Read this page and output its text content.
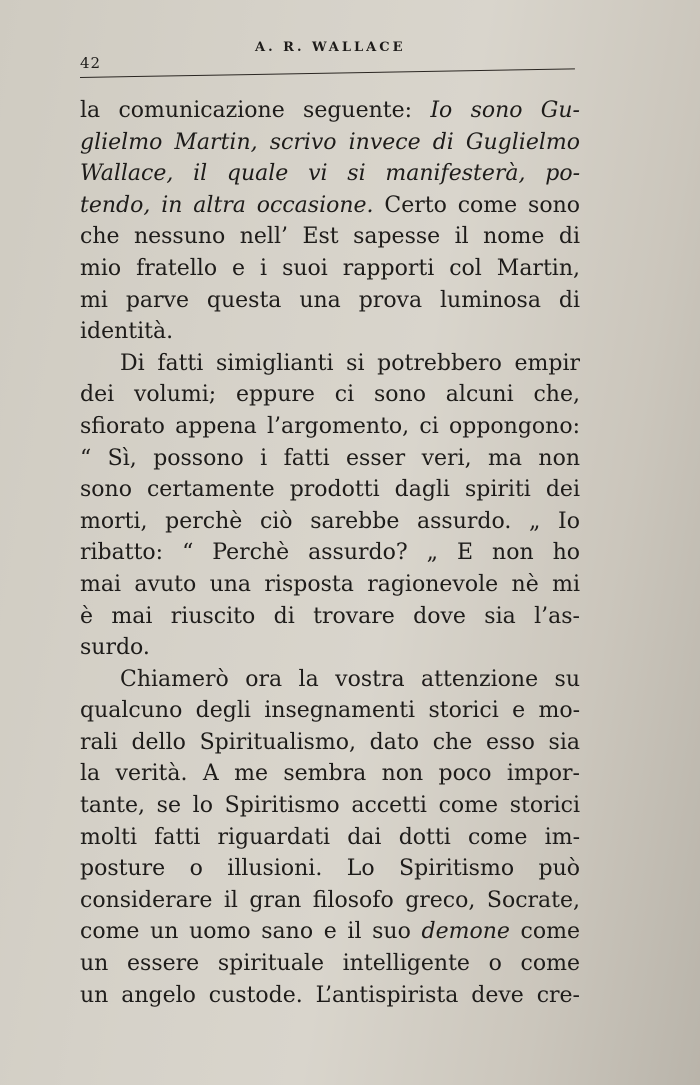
42
A. R. WALLACE
la comunicazione seguente: Io sono Gu-
glielmo Martin, scrivo invece di Guglielmo
Wallace, il quale vi si manifesterà, po-
tendo, in altra occasione. Certo come sono
che nessuno nell’ Est sapesse il nome di
mio fratello e i suoi rapporti col Martin,
mi parve questa una prova luminosa di
identità.
Di fatti simiglianti si potrebbero empir
dei volumi; eppure ci sono alcuni che,
sfiorato appena l’argomento, ci oppongono:
“ Sì, possono i fatti esser veri, ma non
sono certamente prodotti dagli spiriti dei
morti, perchè ciò sarebbe assurdo. „ Io
ribatto: “ Perchè assurdo? „ E non ho
mai avuto una risposta ragionevole nè mi
è mai riuscito di trovare dove sia l’as-
surdo.
Chiamerò ora la vostra attenzione su
qualcuno degli insegnamenti storici e mo-
rali dello Spiritualismo, dato che esso sia
la verità. A me sembra non poco impor-
tante, se lo Spiritismo accetti come storici
molti fatti riguardati dai dotti come im-
posture o illusioni. Lo Spiritismo può
considerare il gran filosofo greco, Socrate,
come un uomo sano e il suo demone come
un essere spirituale intelligente o come
un angelo custode. L’antispirista deve cre-
